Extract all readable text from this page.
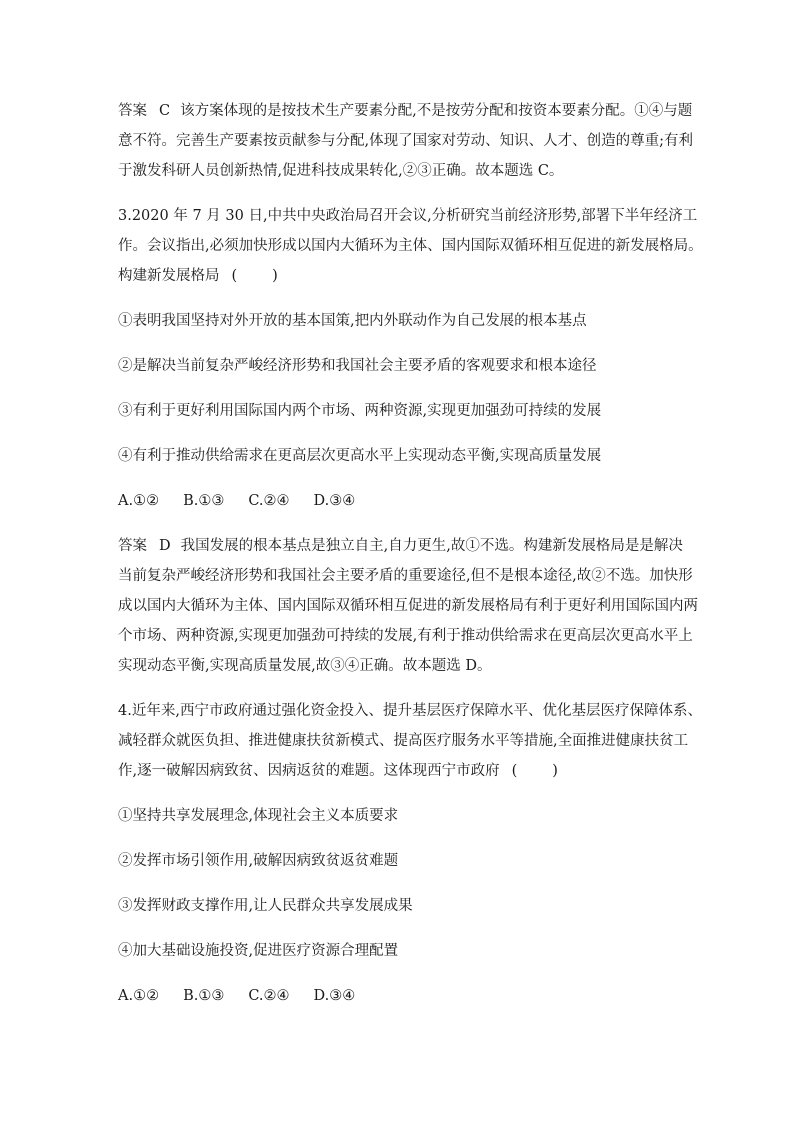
答案 C 该方案体现的是按技术生产要素分配,不是按劳分配和按资本要素分配。①④与题
意不符。完善生产要素按贡献参与分配,体现了国家对劳动、知识、人才、创造的尊重;有利
于激发科研人员创新热情,促进科技成果转化,②③正确。故本题选 C。

3.2020 年 7 月 30 日,中共中央政治局召开会议,分析研究当前经济形势,部署下半年经济工
作。会议指出,必须加快形成以国内大循环为主体、国内国际双循环相互促进的新发展格局。
构建新发展格局 (　　)

①表明我国坚持对外开放的基本国策,把内外联动作为自己发展的根本基点

②是解决当前复杂严峻经济形势和我国社会主要矛盾的客观要求和根本途径

③有利于更好利用国际国内两个市场、两种资源,实现更加强劲可持续的发展

④有利于推动供给需求在更高层次更高水平上实现动态平衡,实现高质量发展

A.①② B.①③ C.②④ D.③④

答案 D 我国发展的根本基点是独立自主,自力更生,故①不选。构建新发展格局是是解决
当前复杂严峻经济形势和我国社会主要矛盾的重要途径,但不是根本途径,故②不选。加快形
成以国内大循环为主体、国内国际双循环相互促进的新发展格局有利于更好利用国际国内两
个市场、两种资源,实现更加强劲可持续的发展,有利于推动供给需求在更高层次更高水平上
实现动态平衡,实现高质量发展,故③④正确。故本题选 D。

4.近年来,西宁市政府通过强化资金投入、提升基层医疗保障水平、优化基层医疗保障体系、
减轻群众就医负担、推进健康扶贫新模式、提高医疗服务水平等措施,全面推进健康扶贫工
作,逐一破解因病致贫、因病返贫的难题。这体现西宁市政府 (　　)

①坚持共享发展理念,体现社会主义本质要求

②发挥市场引领作用,破解因病致贫返贫难题

③发挥财政支撑作用,让人民群众共享发展成果

④加大基础设施投资,促进医疗资源合理配置

A.①② B.①③ C.②④ D.③④
